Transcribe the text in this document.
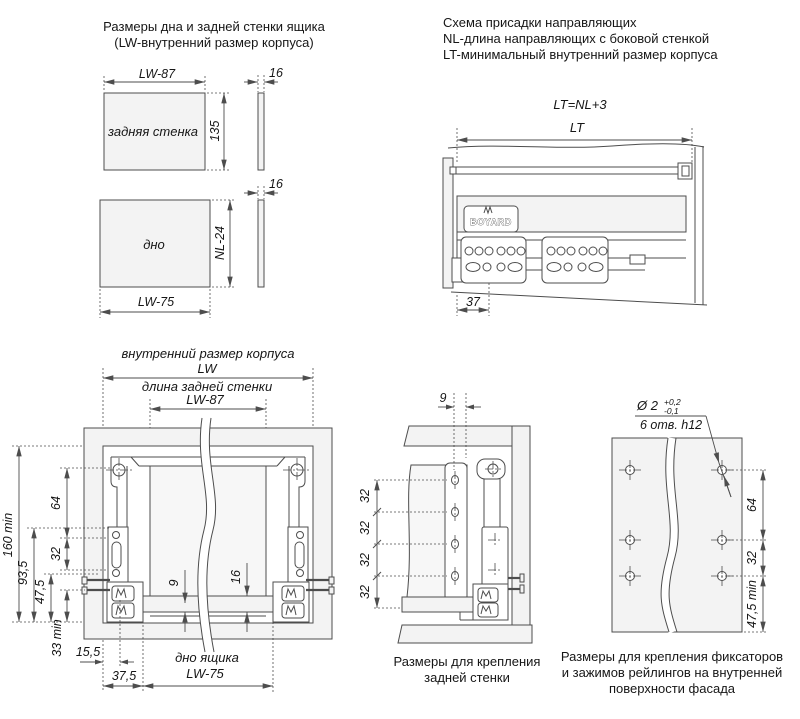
Размеры дна и задней стенки ящика
(LW-внутренний размер корпуса)
задняя стенка
LW-87
135
16
дно	NL-24
LW-75
16
Схема присадки направляющих
NL-длина направляющих с боковой стенкой
LT-минимальный внутренний размер корпуса
LT=NL+3
LT
BOYARD
37
внутренний размер корпуса
LW
длина задней стенки
LW-87
9	16
160 min
64
32
93,5
47,5
33 min 15,5
37,5
дно ящика
LW-75
32
32
32
32
9
Размеры для крепления
задней стенки
Ø 2 +0,2
-0,1
6 отв. h12
64
32
47,5 min
Размеры для крепления фиксаторов
и зажимов рейлингов на внутренней
поверхности фасада
